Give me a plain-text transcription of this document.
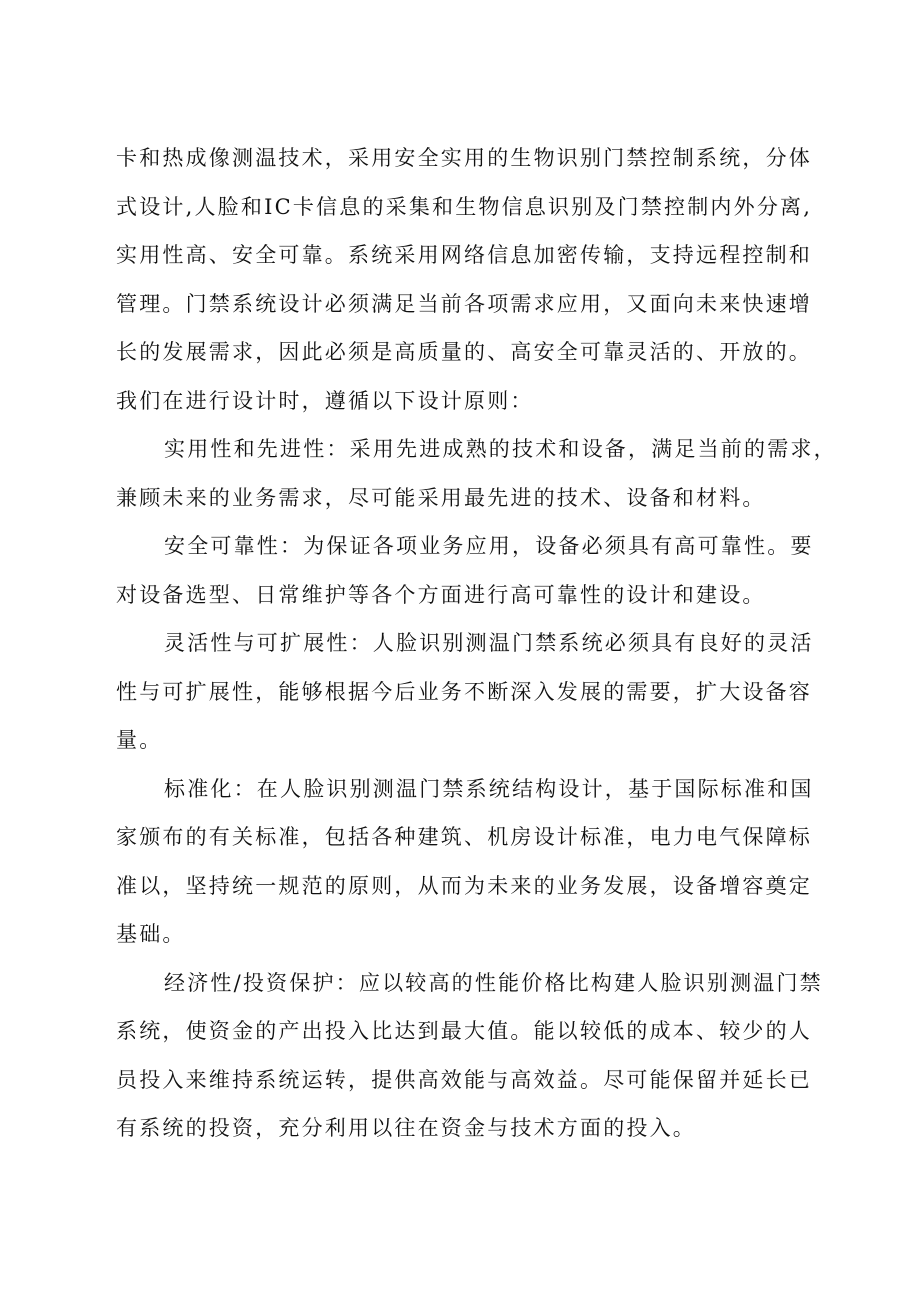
卡和热成像测温技术，采用安全实用的生物识别门禁控制系统，分体
式设计,人脸和IC卡信息的采集和生物信息识别及门禁控制内外分离,
实用性高、安全可靠。系统采用网络信息加密传输，支持远程控制和
管理。门禁系统设计必须满足当前各项需求应用，又面向未来快速增
长的发展需求，因此必须是高质量的、高安全可靠灵活的、开放的。
我们在进行设计时，遵循以下设计原则：
实用性和先进性：采用先进成熟的技术和设备，满足当前的需求，
兼顾未来的业务需求，尽可能采用最先进的技术、设备和材料。
安全可靠性：为保证各项业务应用，设备必须具有高可靠性。要
对设备选型、日常维护等各个方面进行高可靠性的设计和建设。
灵活性与可扩展性：人脸识别测温门禁系统必须具有良好的灵活
性与可扩展性，能够根据今后业务不断深入发展的需要，扩大设备容
量。
标准化：在人脸识别测温门禁系统结构设计，基于国际标准和国
家颁布的有关标准，包括各种建筑、机房设计标准，电力电气保障标
准以，坚持统一规范的原则，从而为未来的业务发展，设备增容奠定
基础。
经济性/投资保护：应以较高的性能价格比构建人脸识别测温门禁
系统，使资金的产出投入比达到最大值。能以较低的成本、较少的人
员投入来维持系统运转，提供高效能与高效益。尽可能保留并延长已
有系统的投资，充分利用以往在资金与技术方面的投入。
